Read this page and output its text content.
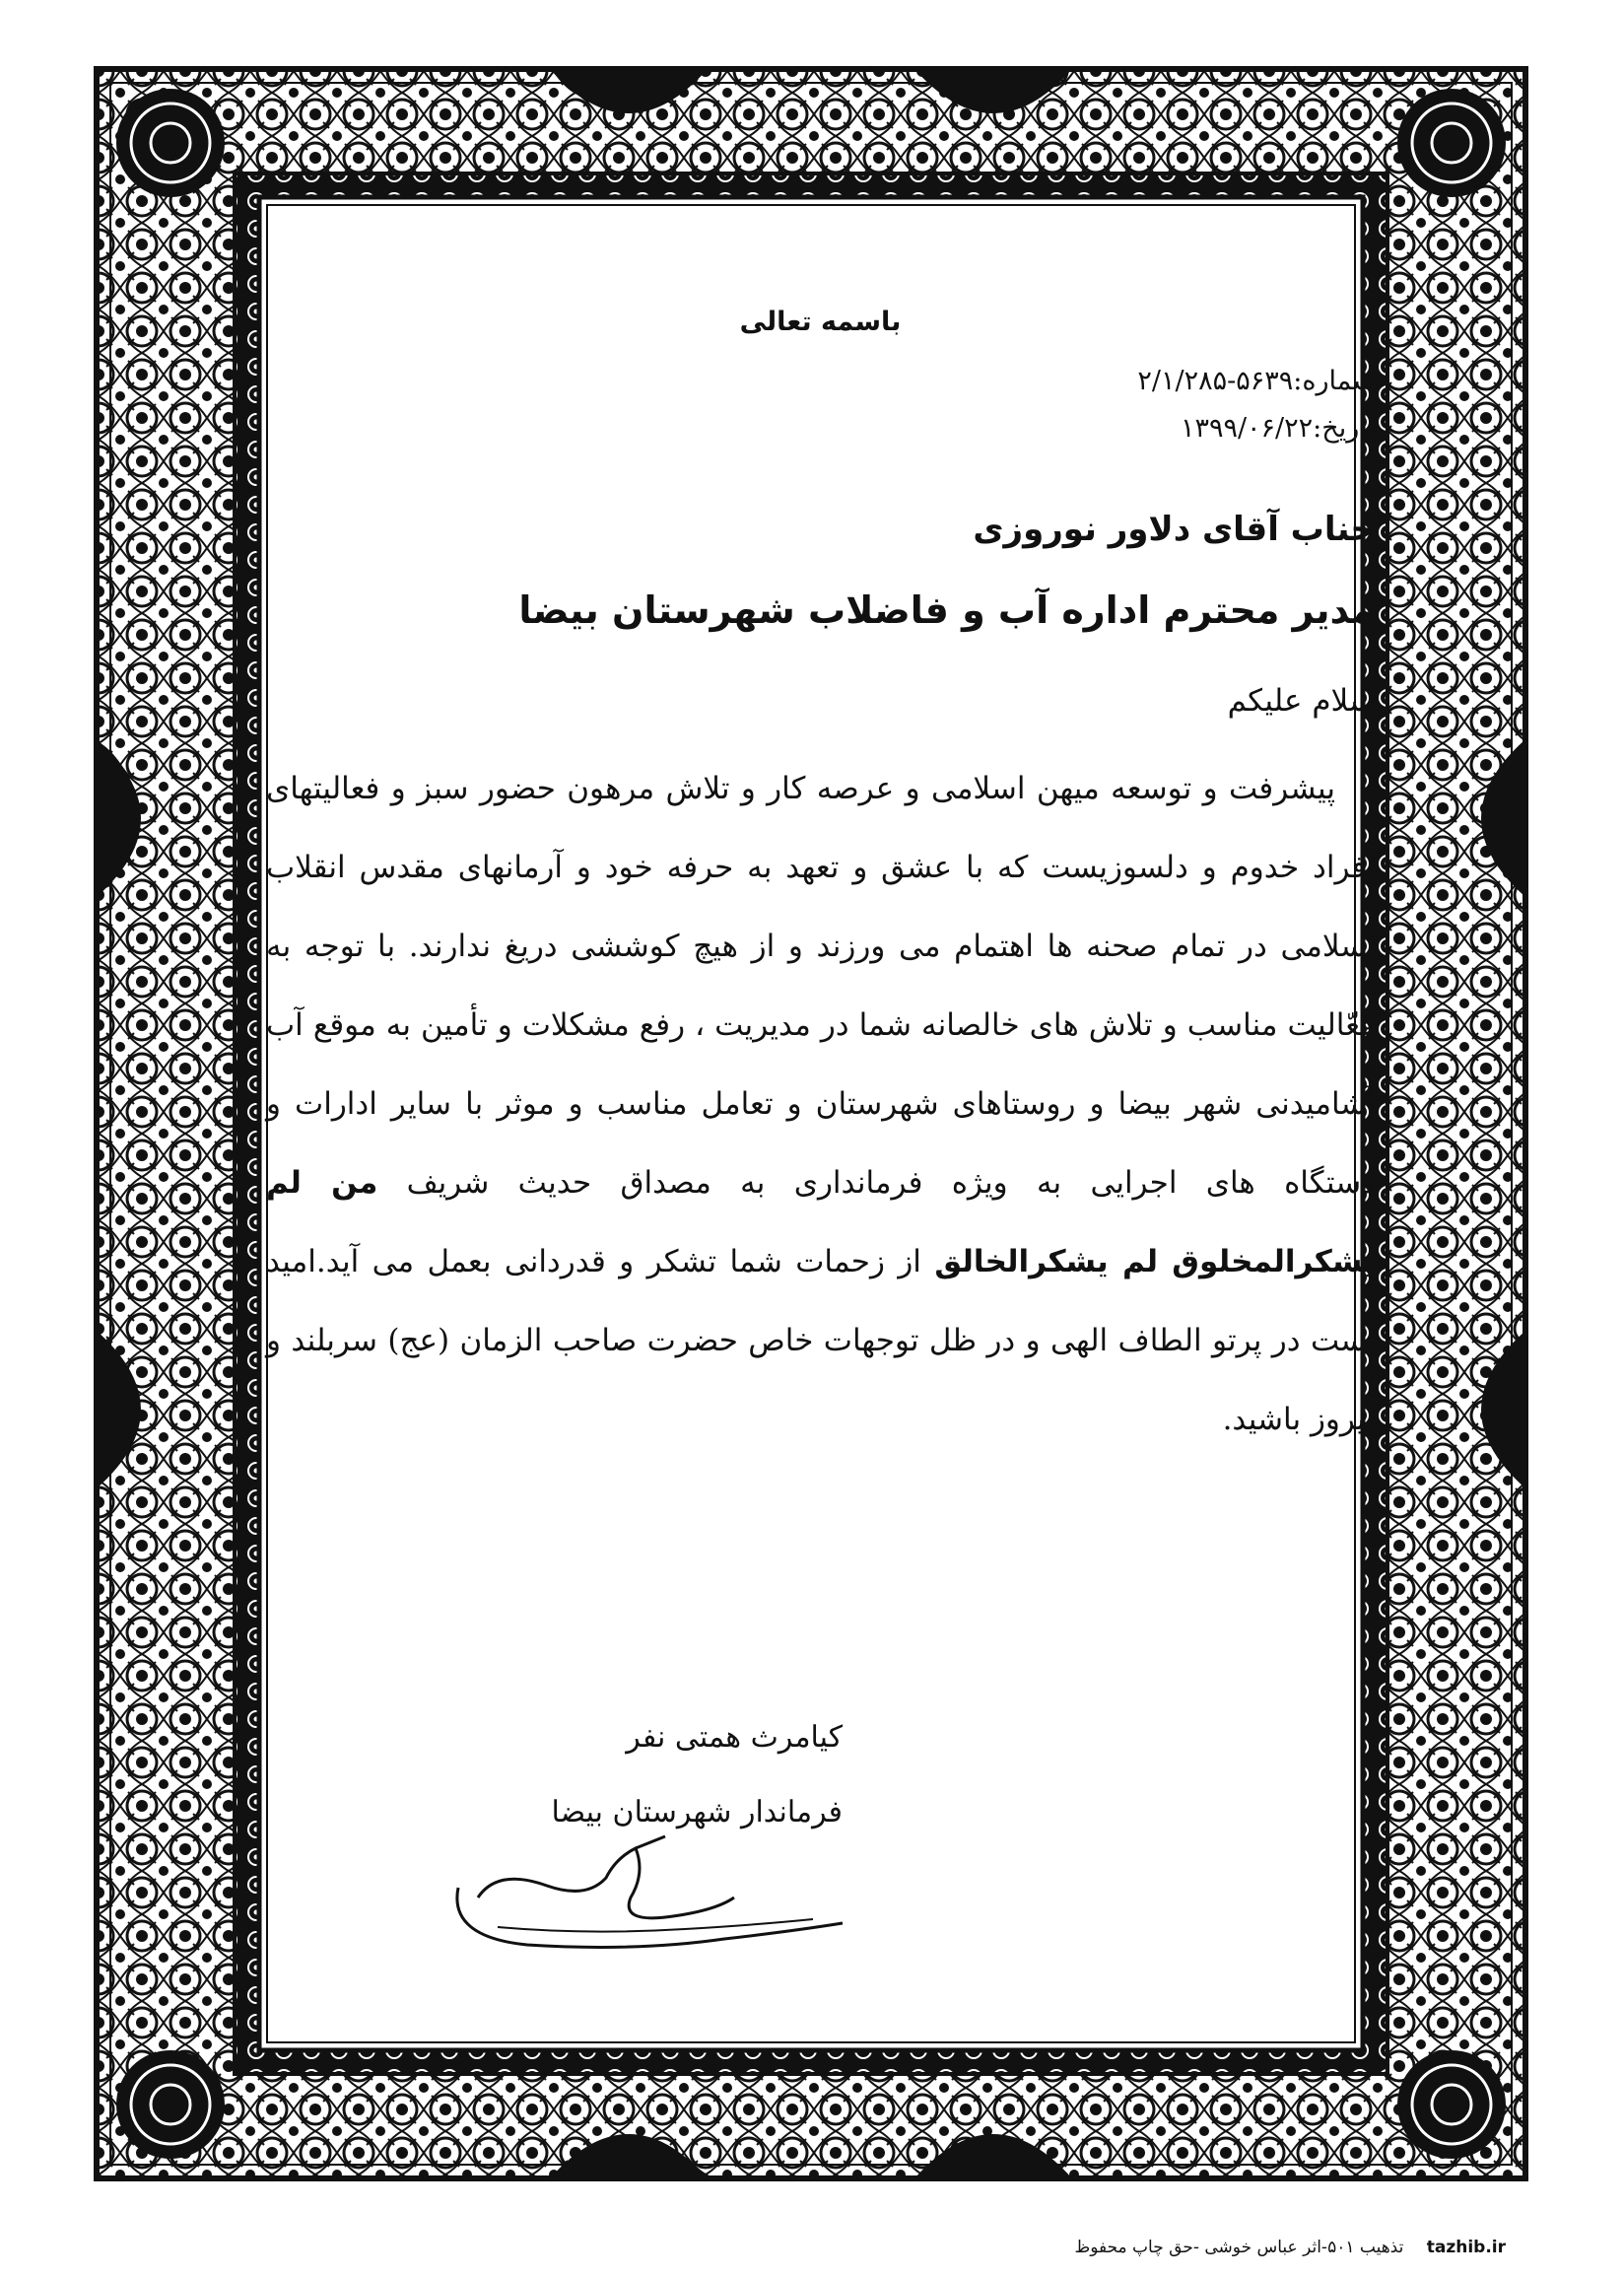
باسمه تعالی
شماره:۵۶۳۹-۲/۱/۲۸۵
تاریخ:۱۳۹۹/۰۶/۲۲
جناب آقای دلاور نوروزی
مدیر محترم اداره آب و فاضلاب شهرستان بیضا
سلام علیکم

پیشرفت و توسعه میهن اسلامی و عرصه کار و تلاش مرهون حضور سبز و فعالیتهای افراد خدوم و دلسوزیست که با عشق و تعهد به حرفه خود و آرمانهای مقدس انقلاب اسلامی در تمام صحنه ها اهتمام می ورزند و از هیچ کوششی دریغ ندارند. با توجه به فعّالیت مناسب و تلاش های خالصانه شما در مدیریت ، رفع مشکلات و تأمین به موقع آب آشامیدنی شهر بیضا و روستاهای شهرستان و تعامل مناسب و موثر با سایر ادارات و دستگاه های اجرایی به ویژه فرمانداری به مصداق حدیث شریف من لم یشکرالمخلوق لم یشکرالخالق از زحمات شما تشکر و قدردانی بعمل می آید.امید است در پرتو الطاف الهی و در ظل توجهات خاص حضرت صاحب الزمان (عج) سربلند و پیروز باشید.

کیامرث همتی نفر
فرماندار شهرستان بیضا
tazhib.ir تذهیب ۵۰۱-اثر عباس خوشی -حق چاپ محفوظ
